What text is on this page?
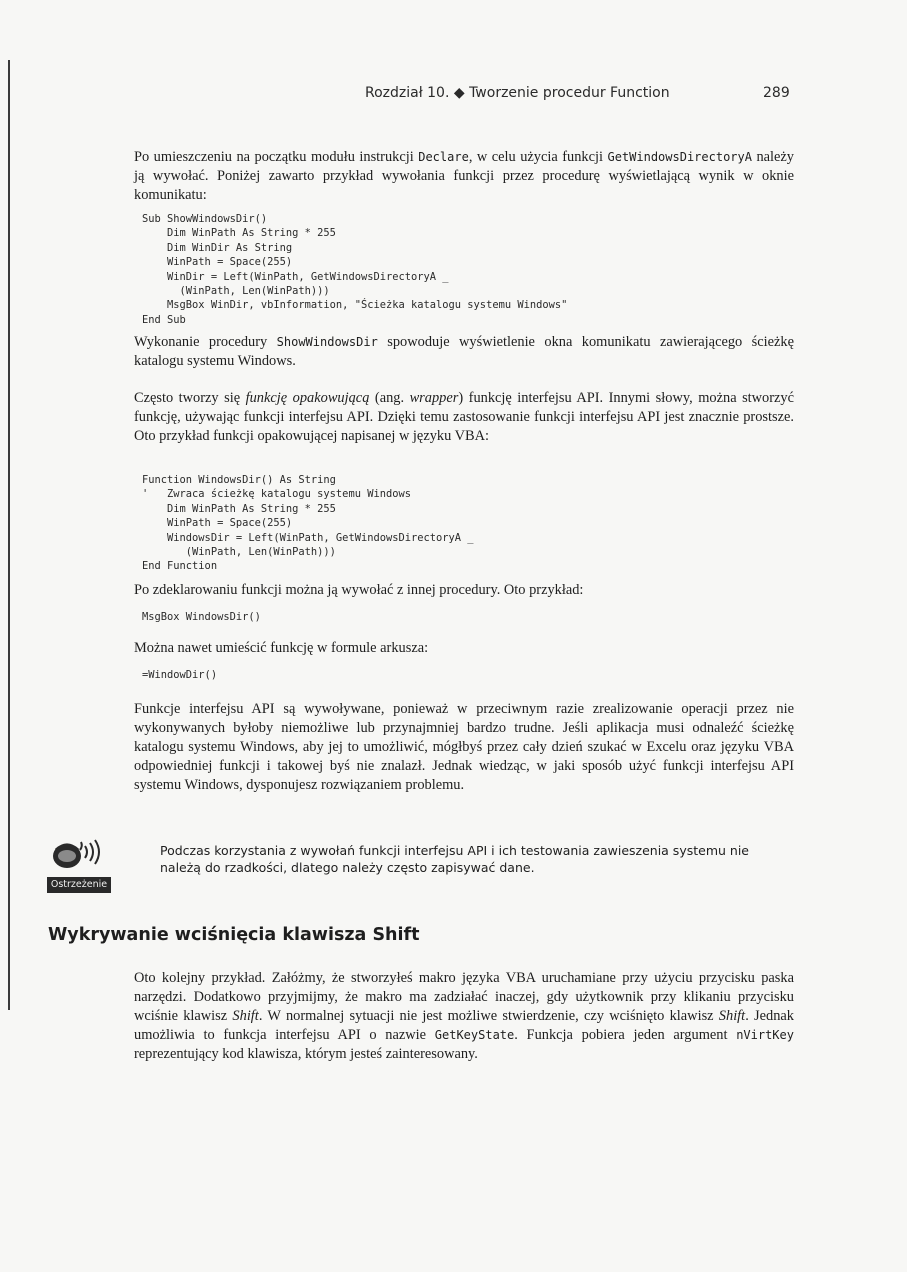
Rozdział 10. ◆ Tworzenie procedur Function	289

Po umieszczeniu na początku modułu instrukcji Declare, w celu użycia funkcji GetWindowsDirectoryA należy ją wywołać. Poniżej zawarto przykład wywołania funkcji przez procedurę wyświetlającą wynik w oknie komunikatu:

Sub ShowWindowsDir()
Dim WinPath As String * 255
Dim WinDir As String
WinPath = Space(255)
WinDir = Left(WinPath, GetWindowsDirectoryA _
(WinPath, Len(WinPath)))
MsgBox WinDir, vbInformation, "Ścieżka katalogu systemu Windows"
End Sub

Wykonanie procedury ShowWindowsDir spowoduje wyświetlenie okna komunikatu zawierającego ścieżkę katalogu systemu Windows.

Często tworzy się funkcję opakowującą (ang. wrapper) funkcję interfejsu API. Innymi słowy, można stworzyć funkcję, używając funkcji interfejsu API. Dzięki temu zastosowanie funkcji interfejsu API jest znacznie prostsze. Oto przykład funkcji opakowującej napisanej w języku VBA:

Function WindowsDir() As String
'   Zwraca ścieżkę katalogu systemu Windows
Dim WinPath As String * 255
WinPath = Space(255)
WindowsDir = Left(WinPath, GetWindowsDirectoryA _
(WinPath, Len(WinPath)))
End Function

Po zdeklarowaniu funkcji można ją wywołać z innej procedury. Oto przykład:

MsgBox WindowsDir()

Można nawet umieścić funkcję w formule arkusza:

=WindowDir()

Funkcje interfejsu API są wywoływane, ponieważ w przeciwnym razie zrealizowanie operacji przez nie wykonywanych byłoby niemożliwe lub przynajmniej bardzo trudne. Jeśli aplikacja musi odnaleźć ścieżkę katalogu systemu Windows, aby jej to umożliwić, mógłbyś przez cały dzień szukać w Excelu oraz języku VBA odpowiedniej funkcji i takowej byś nie znalazł. Jednak wiedząc, w jaki sposób użyć funkcji interfejsu API systemu Windows, dysponujesz rozwiązaniem problemu.

Ostrzeżenie

Podczas korzystania z wywołań funkcji interfejsu API i ich testowania zawieszenia systemu nie należą do rzadkości, dlatego należy często zapisywać dane.

Wykrywanie wciśnięcia klawisza Shift

Oto kolejny przykład. Załóżmy, że stworzyłeś makro języka VBA uruchamiane przy użyciu przycisku paska narzędzi. Dodatkowo przyjmijmy, że makro ma zadziałać inaczej, gdy użytkownik przy klikaniu przycisku wciśnie klawisz Shift. W normalnej sytuacji nie jest możliwe stwierdzenie, czy wciśnięto klawisz Shift. Jednak umożliwia to funkcja interfejsu API o nazwie GetKeyState. Funkcja pobiera jeden argument nVirtKey reprezentujący kod klawisza, którym jesteś zainteresowany.
